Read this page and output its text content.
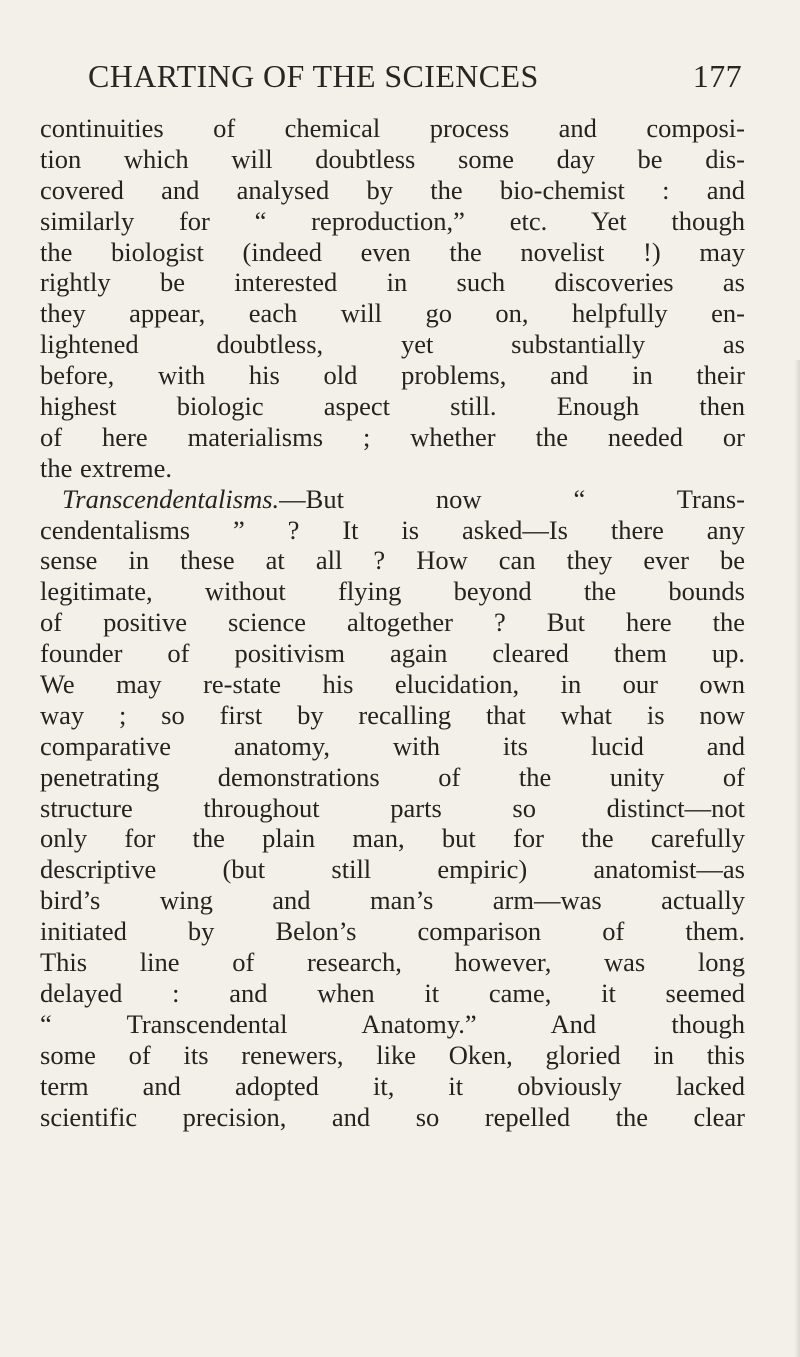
CHARTING OF THE SCIENCES	177
continuities of chemical process and composi-
tion which will doubtless some day be dis-
covered and analysed by the bio-chemist : and
similarly for “ reproduction,” etc. Yet though
the biologist (indeed even the novelist !) may
rightly be interested in such discoveries as
they appear, each will go on, helpfully en-
lightened doubtless, yet substantially as
before, with his old problems, and in their
highest biologic aspect still. Enough then
of here materialisms ; whether the needed or
the extreme.
Transcendentalisms.—But now “ Trans-
cendentalisms ” ? It is asked—Is there any
sense in these at all ? How can they ever be
legitimate, without flying beyond the bounds
of positive science altogether ? But here the
founder of positivism again cleared them up.
We may re-state his elucidation, in our own
way ; so first by recalling that what is now
comparative anatomy, with its lucid and
penetrating demonstrations of the unity of
structure throughout parts so distinct—not
only for the plain man, but for the carefully
descriptive (but still empiric) anatomist—as
bird’s wing and man’s arm—was actually
initiated by Belon’s comparison of them.
This line of research, however, was long
delayed : and when it came, it seemed
“ Transcendental Anatomy.” And though
some of its renewers, like Oken, gloried in this
term and adopted it, it obviously lacked
scientific precision, and so repelled the clear
